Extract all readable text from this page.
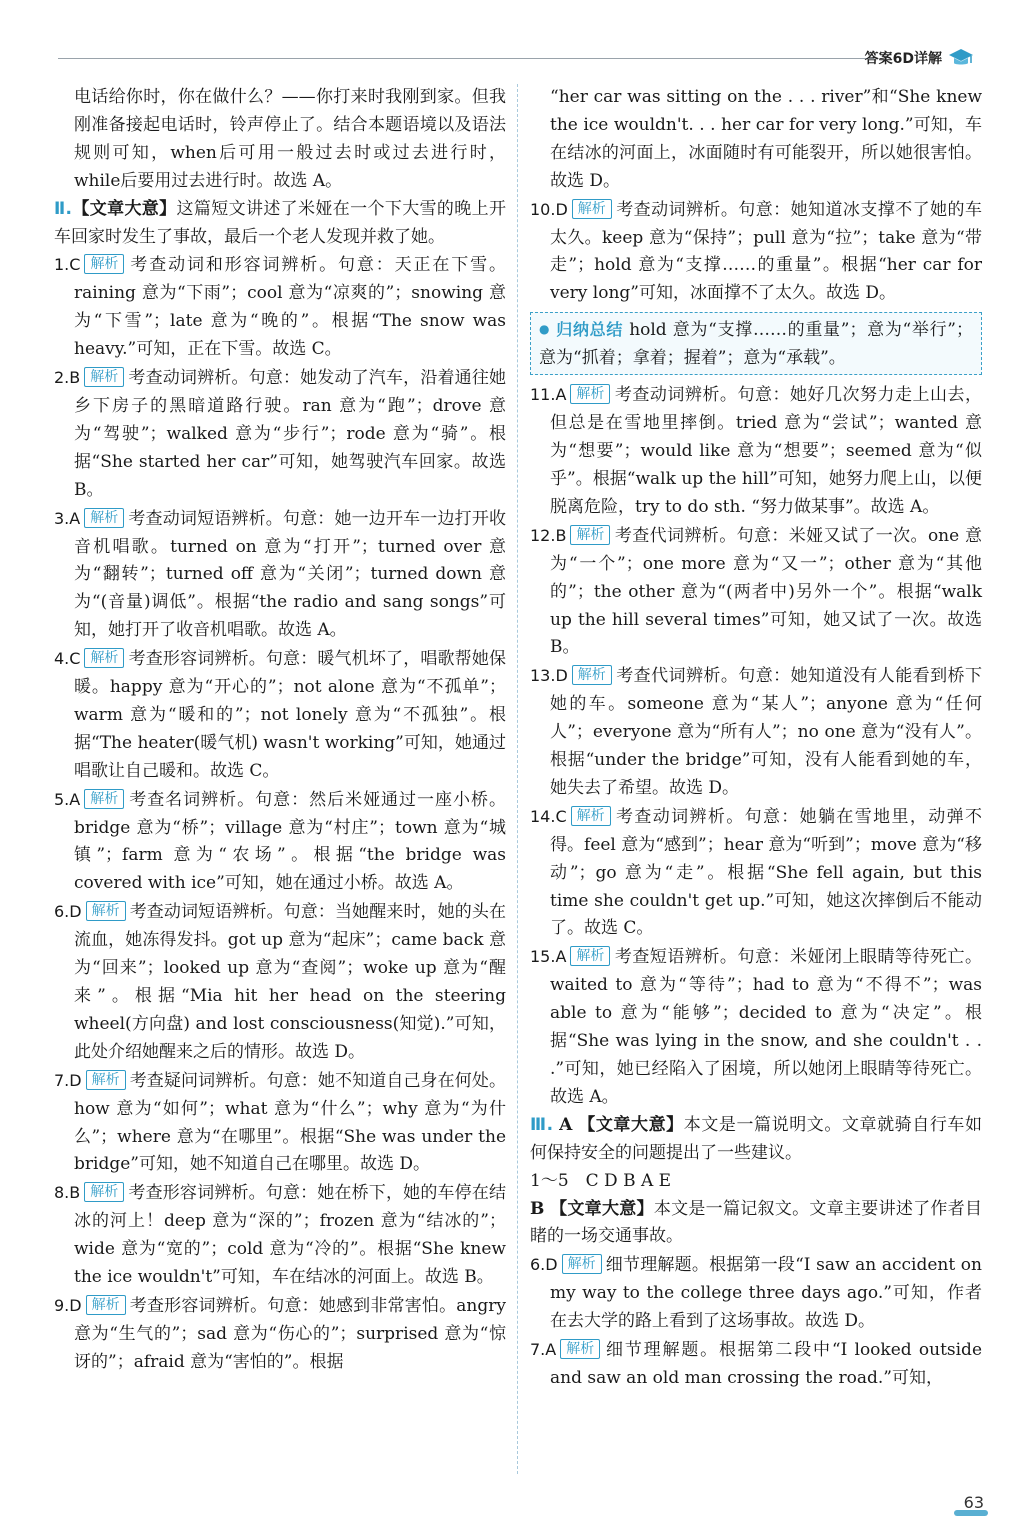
答案6D详解

电话给你时，你在做什么？——你打来时我刚到家。但我刚准备接起电话时，铃声停止了。结合本题语境以及语法规则可知，when后可用一般过去时或过去进行时，while后要用过去进行时。故选 A。

Ⅱ.【文章大意】这篇短文讲述了米娅在一个下大雪的晚上开车回家时发生了事故，最后一个老人发现并救了她。

1.C 解析 考查动词和形容词辨析。句意：天正在下雪。raining 意为“下雨”；cool 意为“凉爽的”；snowing 意为“下雪”；late 意为“晚的”。根据“The snow was heavy.”可知，正在下雪。故选 C。

2.B 解析 考查动词辨析。句意：她发动了汽车，沿着通往她乡下房子的黑暗道路行驶。ran 意为“跑”；drove 意为“驾驶”；walked 意为“步行”；rode 意为“骑”。根据“She started her car”可知，她驾驶汽车回家。故选 B。

3.A 解析 考查动词短语辨析。句意：她一边开车一边打开收音机唱歌。turned on 意为“打开”；turned over 意为“翻转”；turned off 意为“关闭”；turned down 意为“(音量)调低”。根据“the radio and sang songs”可知，她打开了收音机唱歌。故选 A。

4.C 解析 考查形容词辨析。句意：暖气机坏了，唱歌帮她保暖。happy 意为“开心的”；not alone 意为“不孤单”；warm 意为“暖和的”；not lonely 意为“不孤独”。根据“The heater(暖气机) wasn't working”可知，她通过唱歌让自己暖和。故选 C。

5.A 解析 考查名词辨析。句意：然后米娅通过一座小桥。bridge 意为“桥”；village 意为“村庄”；town 意为“城镇”；farm 意为“农场”。根据“the bridge was covered with ice”可知，她在通过小桥。故选 A。

6.D 解析 考查动词短语辨析。句意：当她醒来时，她的头在流血，她冻得发抖。got up 意为“起床”；came back 意为“回来”；looked up 意为“查阅”；woke up 意为“醒来”。根据“Mia hit her head on the steering wheel(方向盘) and lost consciousness(知觉).”可知，此处介绍她醒来之后的情形。故选 D。

7.D 解析 考查疑问词辨析。句意：她不知道自己身在何处。how 意为“如何”；what 意为“什么”；why 意为“为什么”；where 意为“在哪里”。根据“She was under the bridge”可知，她不知道自己在哪里。故选 D。

8.B 解析 考查形容词辨析。句意：她在桥下，她的车停在结冰的河上！deep 意为“深的”；frozen 意为“结冰的”；wide 意为“宽的”；cold 意为“冷的”。根据“She knew the ice wouldn't”可知，车在结冰的河面上。故选 B。

9.D 解析 考查形容词辨析。句意：她感到非常害怕。angry 意为“生气的”；sad 意为“伤心的”；surprised 意为“惊讶的”；afraid 意为“害怕的”。根据

“her car was sitting on the . . . river”和“She knew the ice wouldn't. . . her car for very long.”可知，车在结冰的河面上，冰面随时有可能裂开，所以她很害怕。故选 D。

10.D 解析 考查动词辨析。句意：她知道冰支撑不了她的车太久。keep 意为“保持”；pull 意为“拉”；take 意为“带走”；hold 意为“支撑……的重量”。根据“her car for very long”可知，冰面撑不了太久。故选 D。

● 归纳总结 hold 意为“支撑……的重量”；意为“举行”；意为“抓着；拿着；握着”；意为“承载”。

11.A 解析 考查动词辨析。句意：她好几次努力走上山去，但总是在雪地里摔倒。tried 意为“尝试”；wanted 意为“想要”；would like 意为“想要”；seemed 意为“似乎”。根据“walk up the hill”可知，她努力爬上山，以便脱离危险，try to do sth. “努力做某事”。故选 A。

12.B 解析 考查代词辨析。句意：米娅又试了一次。one 意为“一个”；one more 意为“又一”；other 意为“其他的”；the other 意为“(两者中)另外一个”。根据“walk up the hill several times”可知，她又试了一次。故选 B。

13.D 解析 考查代词辨析。句意：她知道没有人能看到桥下她的车。someone 意为“某人”；anyone 意为“任何人”；everyone 意为“所有人”；no one 意为“没有人”。根据“under the bridge”可知，没有人能看到她的车，她失去了希望。故选 D。

14.C 解析 考查动词辨析。句意：她躺在雪地里，动弹不得。feel 意为“感到”；hear 意为“听到”；move 意为“移动”；go 意为“走”。根据“She fell again, but this time she couldn't get up.”可知，她这次摔倒后不能动了。故选 C。

15.A 解析 考查短语辨析。句意：米娅闭上眼睛等待死亡。waited to 意为“等待”；had to 意为“不得不”；was able to 意为“能够”；decided to 意为“决定”。根据“She was lying in the snow, and she couldn't . . .”可知，她已经陷入了困境，所以她闭上眼睛等待死亡。故选 A。

Ⅲ. A 【文章大意】本文是一篇说明文。文章就骑自行车如何保持安全的问题提出了一些建议。

1～5　C D B A E

B 【文章大意】本文是一篇记叙文。文章主要讲述了作者目睹的一场交通事故。

6.D 解析 细节理解题。根据第一段“I saw an accident on my way to the college three days ago.”可知，作者在去大学的路上看到了这场事故。故选 D。

7.A 解析 细节理解题。根据第二段中“I looked outside and saw an old man crossing the road.”可知，

63
